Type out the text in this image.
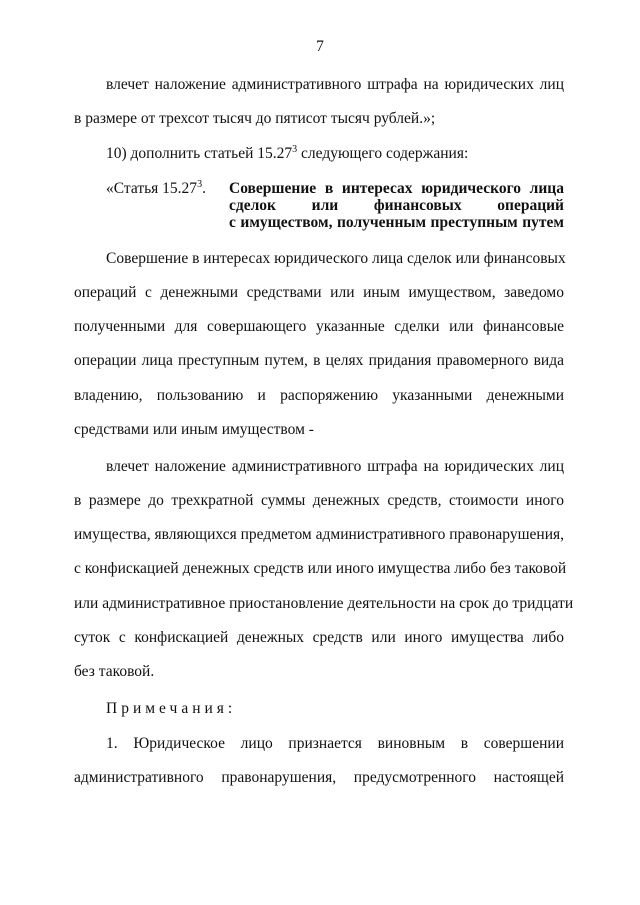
7
влечет наложение административного штрафа на юридических лиц
в размере от трехсот тысяч до пятисот тысяч рублей.»;
10) дополнить статьей 15.27$^3$ следующего содержания:
«Статья 15.27$^3$. Совершение в интересах юридического лица
сделок или финансовых операций
с имуществом, полученным преступным путем
Совершение в интересах юридического лица сделок или финансовых
операций с денежными средствами или иным имуществом, заведомо
полученными для совершающего указанные сделки или финансовые
операции лица преступным путем, в целях придания правомерного вида
владению, пользованию и распоряжению указанными денежными
средствами или иным имуществом -
влечет наложение административного штрафа на юридических лиц
в размере до трехкратной суммы денежных средств, стоимости иного
имущества, являющихся предметом административного правонарушения,
с конфискацией денежных средств или иного имущества либо без таковой
или административное приостановление деятельности на срок до тридцати
суток с конфискацией денежных средств или иного имущества либо
без таковой.
Примечания:
1. Юридическое лицо признается виновным в совершении
административного правонарушения, предусмотренного настоящей
